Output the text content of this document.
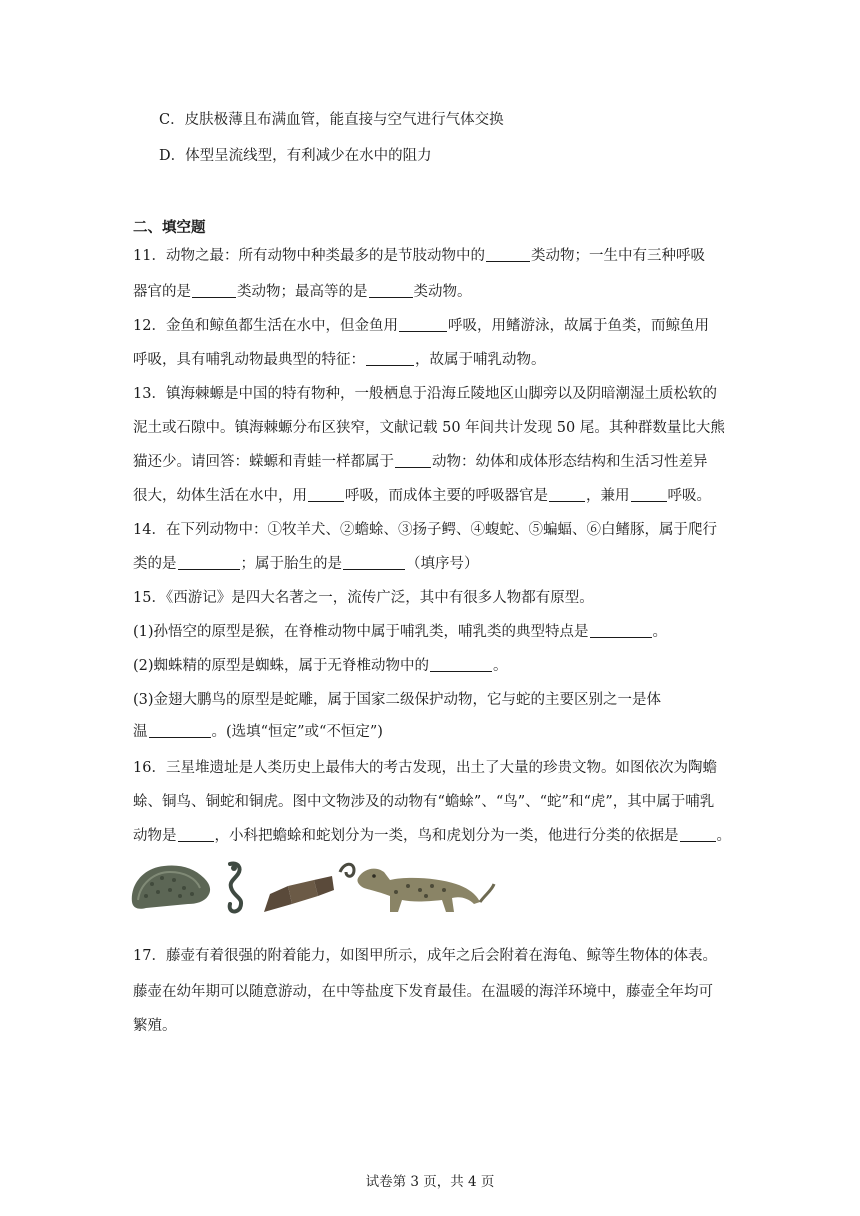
C．皮肤极薄且布满血管，能直接与空气进行气体交换
D．体型呈流线型，有利减少在水中的阻力
二、填空题
11．动物之最：所有动物中种类最多的是节肢动物中的	类动物；一生中有三种呼吸
器官的是	类动物；最高等的是	类动物。
12．金鱼和鲸鱼都生活在水中，但金鱼用	呼吸，用鳍游泳，故属于鱼类，而鲸鱼用
呼吸，具有哺乳动物最典型的特征：	，故属于哺乳动物。
13．镇海棘螈是中国的特有物种，一般栖息于沿海丘陵地区山脚旁以及阴暗潮湿土质松软的
泥土或石隙中。镇海棘螈分布区狭窄，文献记载 50 年间共计发现 50 尾。其种群数量比大熊
猫还少。请回答：蝾螈和青蛙一样都属于	动物：幼体和成体形态结构和生活习性差异
很大，幼体生活在水中，用	呼吸，而成体主要的呼吸器官是	，兼用	呼吸。
14．在下列动物中：①牧羊犬、②蟾蜍、③扬子鳄、④蝮蛇、⑤蝙蝠、⑥白鳍豚，属于爬行
类的是	；属于胎生的是	（填序号）
15．《西游记》是四大名著之一，流传广泛，其中有很多人物都有原型。
(1)孙悟空的原型是猴，在脊椎动物中属于哺乳类，哺乳类的典型特点是	。
(2)蜘蛛精的原型是蜘蛛，属于无脊椎动物中的	。
(3)金翅大鹏鸟的原型是蛇雕，属于国家二级保护动物，它与蛇的主要区别之一是体
温	。(选填“恒定”或“不恒定”)
16．三星堆遗址是人类历史上最伟大的考古发现，出土了大量的珍贵文物。如图依次为陶蟾
蜍、铜鸟、铜蛇和铜虎。图中文物涉及的动物有“蟾蜍”、“鸟”、“蛇”和“虎”，其中属于哺乳
动物是	，小科把蟾蜍和蛇划分为一类，鸟和虎划分为一类，他进行分类的依据是	。
17．藤壶有着很强的附着能力，如图甲所示，成年之后会附着在海龟、鲸等生物体的体表。
藤壶在幼年期可以随意游动，在中等盐度下发育最佳。在温暖的海洋环境中，藤壶全年均可
繁殖。
试卷第 3 页，共 4 页
